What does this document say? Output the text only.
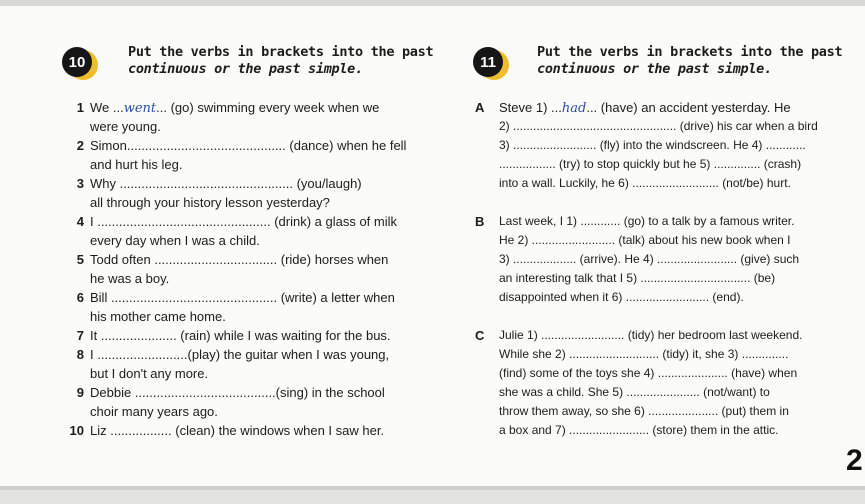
10
Put the verbs in brackets into the past
continuous or the past simple.	11
Put the verbs in brackets into the past
continuous or the past simple.
1 We ...went... (go) swimming every week when we
were young.
2 Simon............................................ (dance) when he fell
and hurt his leg.
3 Why ................................................ (you/laugh)
all through your history lesson yesterday?
4 I ................................................ (drink) a glass of milk
every day when I was a child.
5 Todd often .................................. (ride) horses when
he was a boy.
6 Bill .............................................. (write) a letter when
his mother came home.
7 It ..................... (rain) while I was waiting for the bus.
8 I .........................(play) the guitar when I was young,
but I don't any more.
9 Debbie .......................................(sing) in the school
choir many years ago.
10 Liz ................. (clean) the windows when I saw her.
A	Steve 1) ...had... (have) an accident yesterday. He
2) ................................................. (drive) his car when a bird
3) ......................... (fly) into the windscreen. He 4) ............
................. (try) to stop quickly but he 5) .............. (crash)
into a wall. Luckily, he 6) .......................... (not/be) hurt.
B	Last week, I 1) ............ (go) to a talk by a famous writer.
He 2) ......................... (talk) about his new book when I
3) ................... (arrive). He 4) ........................ (give) such
an interesting talk that I 5) ................................. (be)
disappointed when it 6) ......................... (end).
C	Julie 1) ......................... (tidy) her bedroom last weekend.
While she 2) ........................... (tidy) it, she 3) ..............
(find) some of the toys she 4) ..................... (have) when
she was a child. She 5) ...................... (not/want) to
throw them away, so she 6) ..................... (put) them in
a box and 7) ........................ (store) them in the attic.
2
